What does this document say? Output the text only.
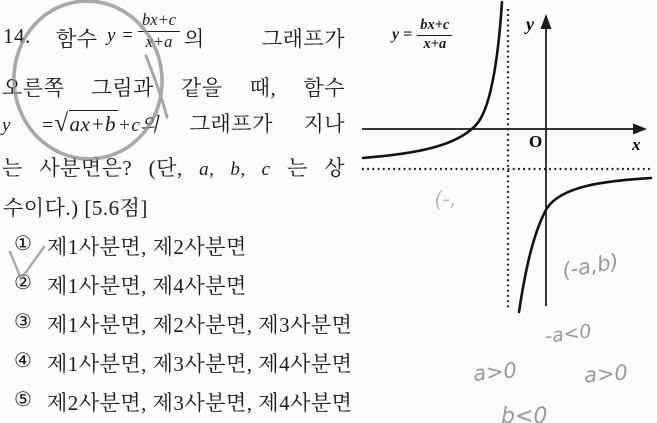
14. 함수 $y = \frac{bx+c}{x+a}$ 의	그래프가
오른쪽 그림과 같을 때, 함수
y =√ax+b +c의 그래프가 지나
는 사분면은? (단, a, b, c 는 상
수이다.) [5.6점]
① 제1사분면, 제2사분면
② 제1사분면, 제4사분면
③ 제1사분면, 제2사분면, 제3사분면
④ 제1사분면, 제3사분면, 제4사분면
⑤ 제2사분면, 제3사분면, 제4사분면
$y = \frac{bx+c}{x+a}$	y
O	x
(-,
(-a,b)
-a<0
a>0	a>0
b<0
